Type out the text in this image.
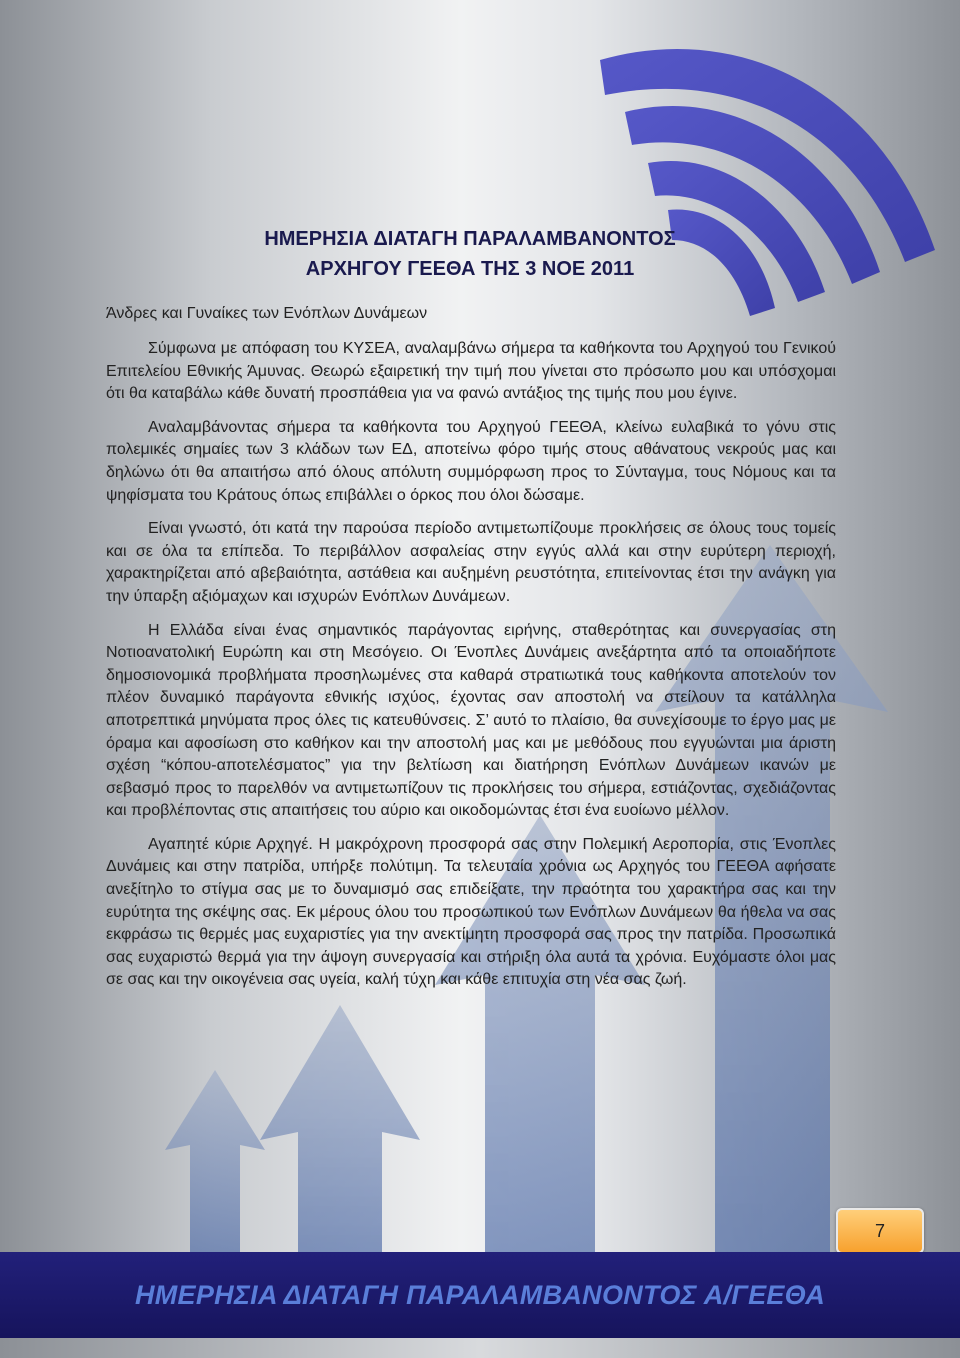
ΗΜΕΡΗΣΙΑ ΔΙΑΤΑΓΗ ΠΑΡΑΛΑΜΒΑΝΟΝΤΟΣ
ΑΡΧΗΓΟΥ ΓΕΕΘΑ ΤΗΣ 3 ΝΟΕ 2011
Άνδρες και Γυναίκες των Ενόπλων Δυνάμεων

Σύμφωνα με απόφαση του ΚΥΣΕΑ, αναλαμβάνω σήμερα τα καθήκοντα του Αρχηγού του Γενικού Επιτελείου Εθνικής Άμυνας. Θεωρώ εξαιρετική την τιμή που γίνεται στο πρόσωπο μου και υπόσχομαι ότι θα καταβάλω κάθε δυνατή προσπάθεια για να φανώ αντάξιος της τιμής που μου έγινε.

Αναλαμβάνοντας σήμερα τα καθήκοντα του Αρχηγού ΓΕΕΘΑ, κλείνω ευλαβικά το γόνυ στις πολεμικές σημαίες των 3 κλάδων των ΕΔ, αποτείνω φόρο τιμής στους αθάνατους νεκρούς μας και δηλώνω ότι θα απαιτήσω από όλους απόλυτη συμμόρφωση προς το Σύνταγμα, τους Νόμους και τα ψηφίσματα του Κράτους όπως επιβάλλει ο όρκος που όλοι δώσαμε.

Είναι γνωστό, ότι κατά την παρούσα περίοδο αντιμετωπίζουμε προκλήσεις σε όλους τους τομείς και σε όλα τα επίπεδα. Το περιβάλλον ασφαλείας στην εγγύς αλλά και στην ευρύτερη περιοχή, χαρακτηρίζεται από αβεβαιότητα, αστάθεια και αυξημένη ρευστότητα, επιτείνοντας έτσι την ανάγκη για την ύπαρξη αξιόμαχων και ισχυρών Ενόπλων Δυνάμεων.

Η Ελλάδα είναι ένας σημαντικός παράγοντας ειρήνης, σταθερότητας και συνεργασίας στη Νοτιοανατολική Ευρώπη και στη Μεσόγειο. Οι Ένοπλες Δυνάμεις ανεξάρτητα από τα οποιαδήποτε δημοσιονομικά προβλήματα προσηλωμένες στα καθαρά στρατιωτικά τους καθήκοντα αποτελούν τον πλέον δυναμικό παράγοντα εθνικής ισχύος, έχοντας σαν αποστολή να στείλουν τα κατάλληλα αποτρεπτικά μηνύματα προς όλες τις κατευθύνσεις. Σ’ αυτό το πλαίσιο, θα συνεχίσουμε το έργο μας με όραμα και αφοσίωση στο καθήκον και την αποστολή μας και με μεθόδους που εγγυώνται μια άριστη σχέση “κόπου-αποτελέσματος” για την βελτίωση και διατήρηση Ενόπλων Δυνάμεων ικανών με σεβασμό προς το παρελθόν να αντιμετωπίζουν τις προκλήσεις του σήμερα, εστιάζοντας, σχεδιάζοντας και προβλέποντας στις απαιτήσεις του αύριο και οικοδομώντας έτσι ένα ευοίωνο μέλλον.

Αγαπητέ κύριε Αρχηγέ. Η μακρόχρονη προσφορά σας στην Πολεμική Αεροπορία, στις Ένοπλες Δυνάμεις και στην πατρίδα, υπήρξε πολύτιμη. Τα τελευταία χρόνια ως Αρχηγός του ΓΕΕΘΑ αφήσατε ανεξίτηλο το στίγμα σας με το δυναμισμό σας επιδείξατε, την πραότητα του χαρακτήρα σας και την ευρύτητα της σκέψης σας. Εκ μέρους όλου του προσωπικού των Ενόπλων Δυνάμεων θα ήθελα να σας εκφράσω τις θερμές μας ευχαριστίες για την ανεκτίμητη προσφορά σας προς την πατρίδα. Προσωπικά σας ευχαριστώ θερμά για την άψογη συνεργασία και στήριξη όλα αυτά τα χρόνια. Ευχόμαστε όλοι μας σε σας και την οικογένεια σας υγεία, καλή τύχη και κάθε επιτυχία στη νέα σας ζωή.

7
ΗΜΕΡΗΣΙΑ ΔΙΑΤΑΓΗ ΠΑΡΑΛΑΜΒΑΝΟΝΤΟΣ Α/ΓΕΕΘΑ
